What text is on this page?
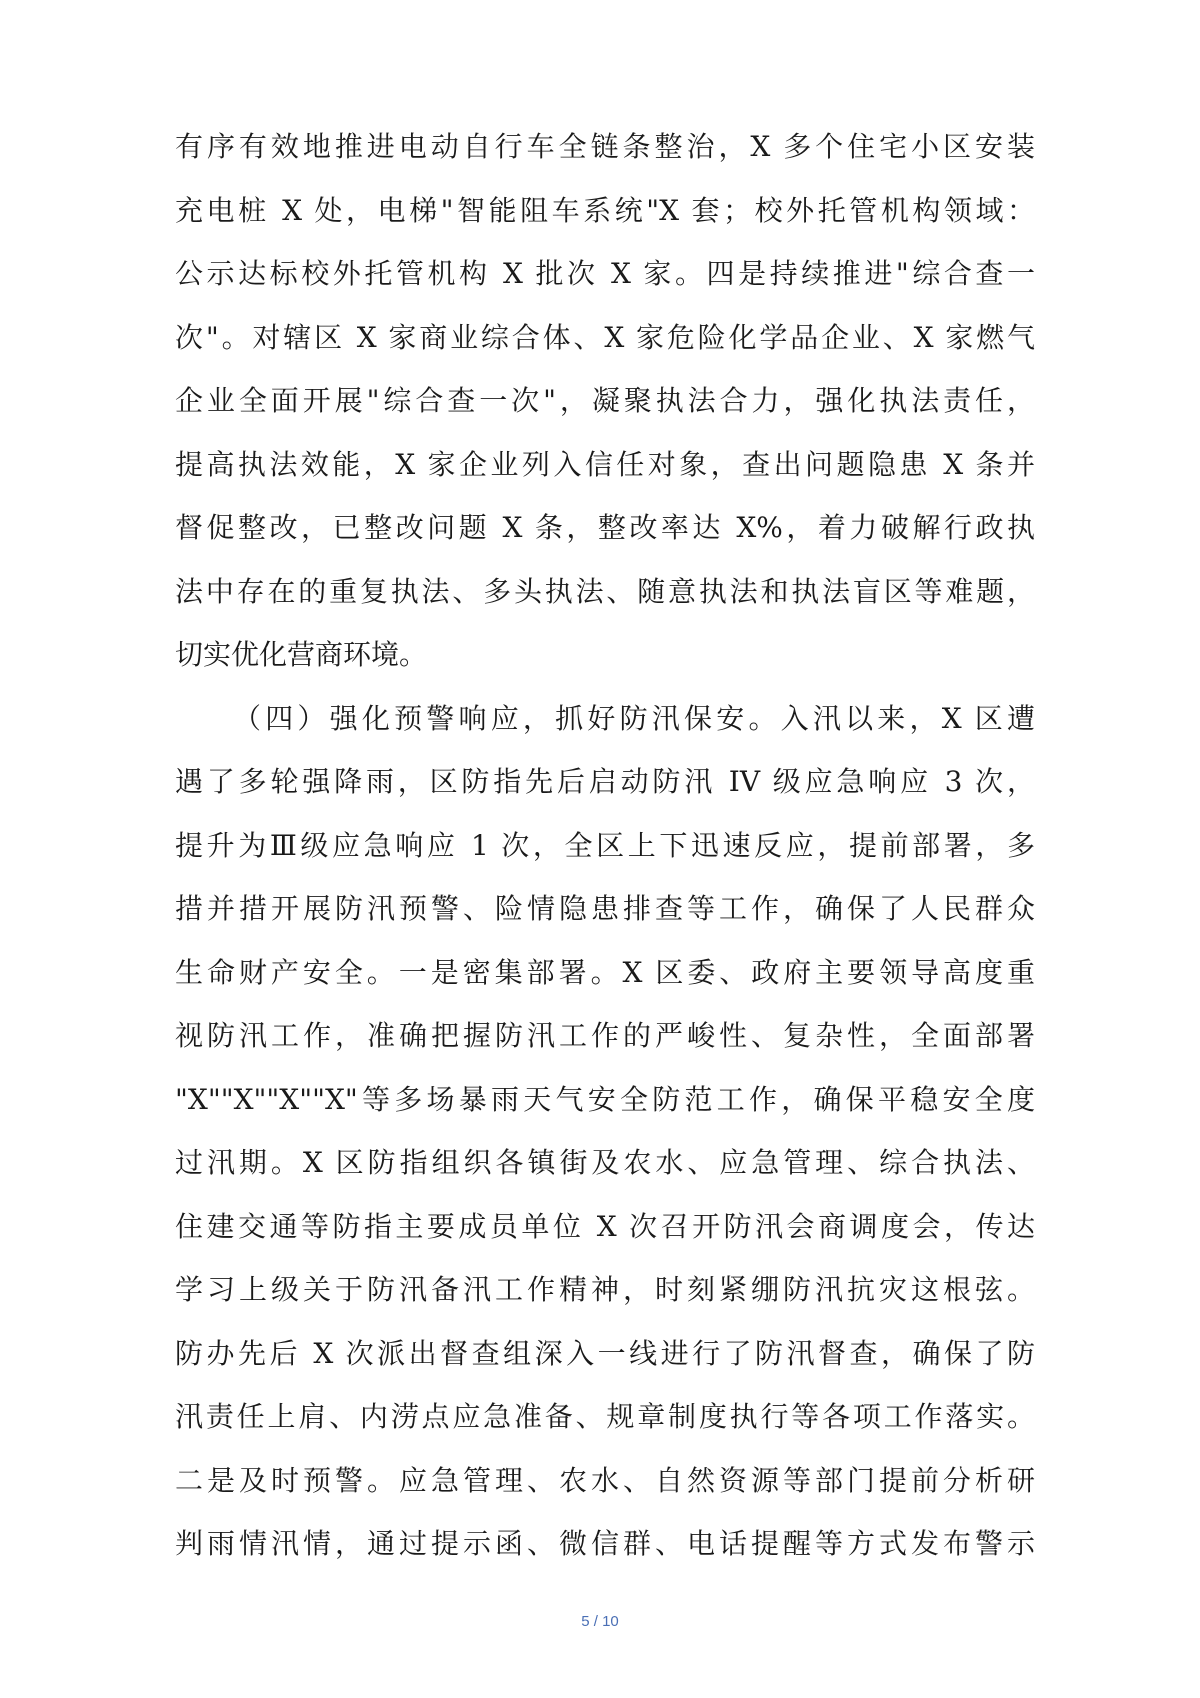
有序有效地推进电动自行车全链条整治，X 多个住宅小区安装
充电桩 X 处，电梯"智能阻车系统"X 套；校外托管机构领域：
公示达标校外托管机构 X 批次 X 家。四是持续推进"综合查一
次"。对辖区 X 家商业综合体、X 家危险化学品企业、X 家燃气
企业全面开展"综合查一次"，凝聚执法合力，强化执法责任，
提高执法效能，X 家企业列入信任对象，查出问题隐患 X 条并
督促整改，已整改问题 X 条，整改率达 X%，着力破解行政执
法中存在的重复执法、多头执法、随意执法和执法盲区等难题，
切实优化营商环境。
（四）强化预警响应，抓好防汛保安。入汛以来，X 区遭
遇了多轮强降雨，区防指先后启动防汛 IV 级应急响应 3 次，
提升为Ⅲ级应急响应 1 次，全区上下迅速反应，提前部署，多
措并措开展防汛预警、险情隐患排查等工作，确保了人民群众
生命财产安全。一是密集部署。X 区委、政府主要领导高度重
视防汛工作，准确把握防汛工作的严峻性、复杂性，全面部署
"X""X""X""X"等多场暴雨天气安全防范工作，确保平稳安全度
过汛期。X 区防指组织各镇街及农水、应急管理、综合执法、
住建交通等防指主要成员单位 X 次召开防汛会商调度会，传达
学习上级关于防汛备汛工作精神，时刻紧绷防汛抗灾这根弦。
防办先后 X 次派出督查组深入一线进行了防汛督查，确保了防
汛责任上肩、内涝点应急准备、规章制度执行等各项工作落实。
二是及时预警。应急管理、农水、自然资源等部门提前分析研
判雨情汛情，通过提示函、微信群、电话提醒等方式发布警示
5 / 10
